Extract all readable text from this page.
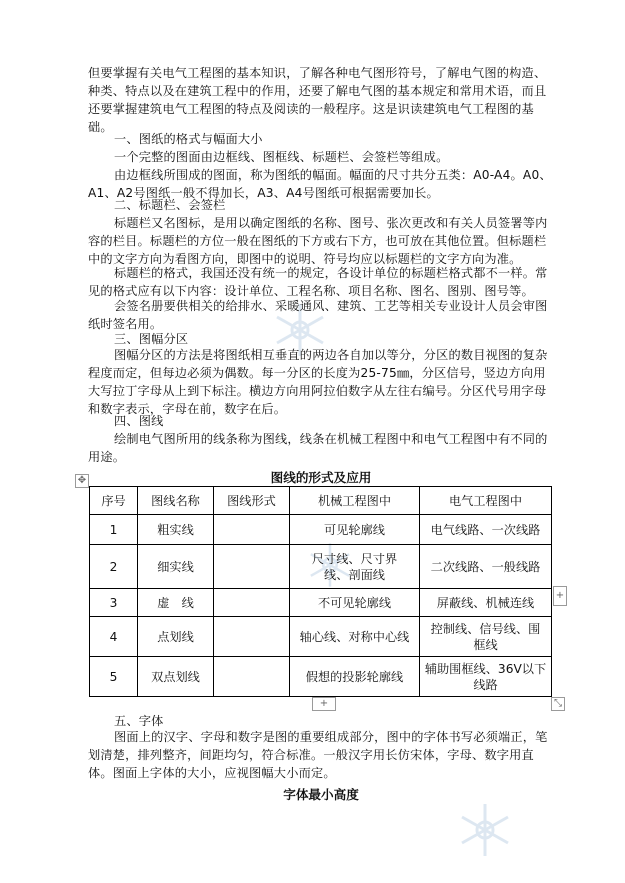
但要掌握有关电气工程图的基本知识，了解各种电气图形符号，了解电气图的构造、种类、特点以及在建筑工程中的作用，还要了解电气图的基本规定和常用术语，而且还要掌握建筑电气工程图的特点及阅读的一般程序。这是识读建筑电气工程图的基础。

一、图纸的格式与幅面大小

一个完整的图面由边框线、图框线、标题栏、会签栏等组成。

由边框线所围成的图面，称为图纸的幅面。幅面的尺寸共分五类：A0-A4。A0、A1、A2号图纸一般不得加长，A3、A4号图纸可根据需要加长。

二、标题栏、会签栏

标题栏又名图标，是用以确定图纸的名称、图号、张次更改和有关人员签署等内容的栏目。标题栏的方位一般在图纸的下方或右下方，也可放在其他位置。但标题栏中的文字方向为看图方向，即图中的说明、符号均应以标题栏的文字方向为准。

标题栏的格式，我国还没有统一的规定，各设计单位的标题栏格式都不一样。常见的格式应有以下内容：设计单位、工程名称、项目名称、图名、图别、图号等。

会签名册要供相关的给排水、采暖通风、建筑、工艺等相关专业设计人员会审图纸时签名用。

三、图幅分区

图幅分区的方法是将图纸相互垂直的两边各自加以等分，分区的数目视图的复杂程度而定，但每边必须为偶数。每一分区的长度为25-75㎜，分区信号，竖边方向用大写拉丁字母从上到下标注。横边方向用阿拉伯数字从左往右编号。分区代号用字母和数字表示，字母在前，数字在后。

四、图线

绘制电气图所用的线条称为图线，线条在机械工程图中和电气工程图中有不同的用途。

图线的形式及应用
✥
序号	图线名称	图线形式	机械工程图中	电气工程图中
1	粗实线		可见轮廓线	电气线路、一次线路
2	细实线		尺寸线、尺寸界线、剖面线	二次线路、一般线路
3	虚　线		不可见轮廓线	屏蔽线、机械连线
4	点划线		轴心线、对称中心线	控制线、信号线、围框线
5	双点划线		假想的投影轮廓线	辅助围框线、36V以下线路
+
+	⤡

五、字体

图面上的汉字、字母和数字是图的重要组成部分，图中的字体书写必须端正，笔划清楚，排列整齐，间距均匀，符合标准。一般汉字用长仿宋体，字母、数字用直体。图面上字体的大小，应视图幅大小而定。

字体最小高度
